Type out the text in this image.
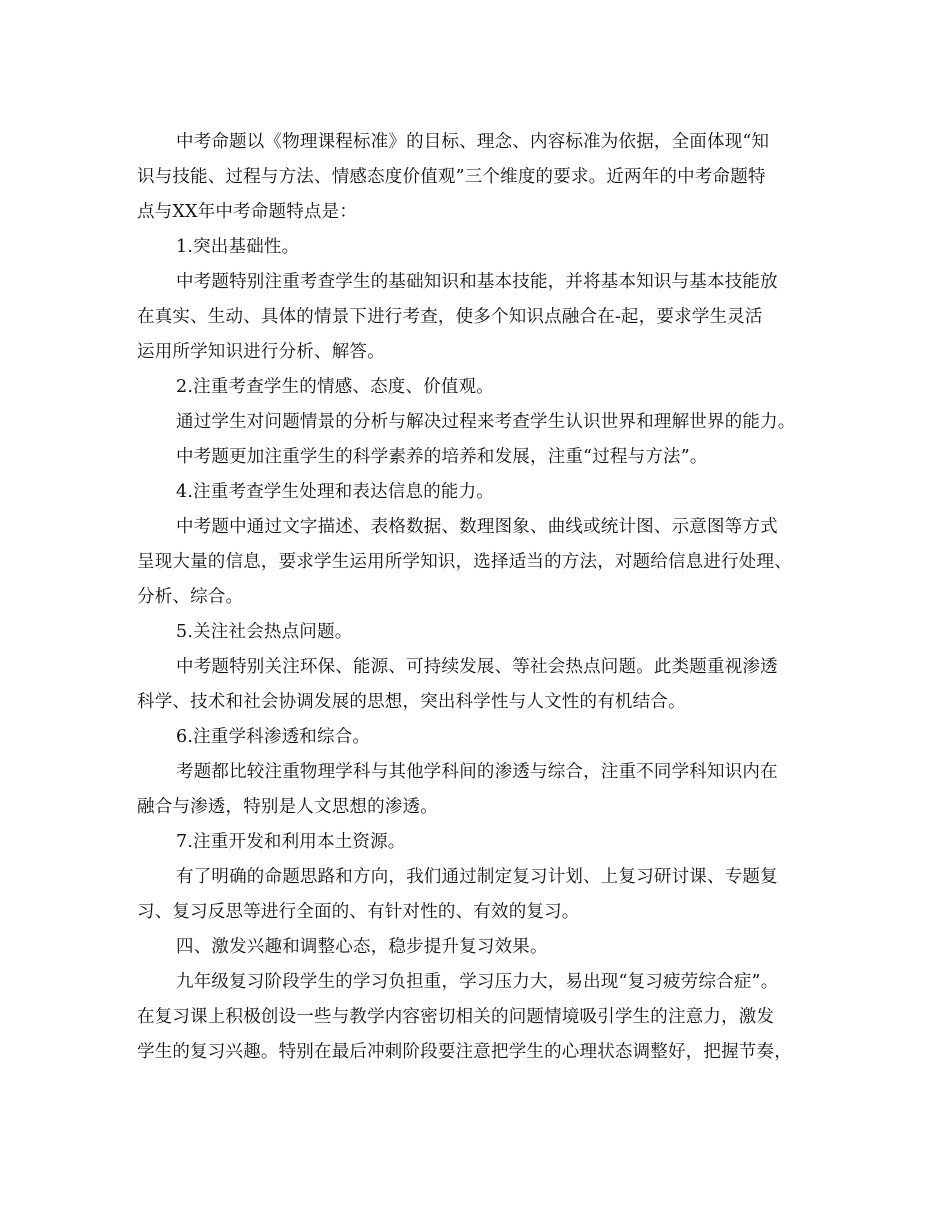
中考命题以《物理课程标准》的目标、理念、内容标准为依据，全面体现“知
识与技能、过程与方法、情感态度价值观”三个维度的要求。近两年的中考命题特
点与XX年中考命题特点是：
1.突出基础性。
中考题特别注重考查学生的基础知识和基本技能，并将基本知识与基本技能放
在真实、生动、具体的情景下进行考查，使多个知识点融合在-起，要求学生灵活
运用所学知识进行分析、解答。
2.注重考查学生的情感、态度、价值观。
通过学生对问题情景的分析与解决过程来考查学生认识世界和理解世界的能力。
中考题更加注重学生的科学素养的培养和发展，注重“过程与方法”。
4.注重考查学生处理和表达信息的能力。
中考题中通过文字描述、表格数据、数理图象、曲线或统计图、示意图等方式
呈现大量的信息，要求学生运用所学知识，选择适当的方法，对题给信息进行处理、
分析、综合。
5.关注社会热点问题。
中考题特别关注环保、能源、可持续发展、等社会热点问题。此类题重视渗透
科学、技术和社会协调发展的思想，突出科学性与人文性的有机结合。
6.注重学科渗透和综合。
考题都比较注重物理学科与其他学科间的渗透与综合，注重不同学科知识内在
融合与渗透，特别是人文思想的渗透。
7.注重开发和利用本土资源。
有了明确的命题思路和方向，我们通过制定复习计划、上复习研讨课、专题复
习、复习反思等进行全面的、有针对性的、有效的复习。
四、激发兴趣和调整心态，稳步提升复习效果。
九年级复习阶段学生的学习负担重，学习压力大，易出现“复习疲劳综合症”。
在复习课上积极创设一些与教学内容密切相关的问题情境吸引学生的注意力，激发
学生的复习兴趣。特别在最后冲刺阶段要注意把学生的心理状态调整好，把握节奏，
